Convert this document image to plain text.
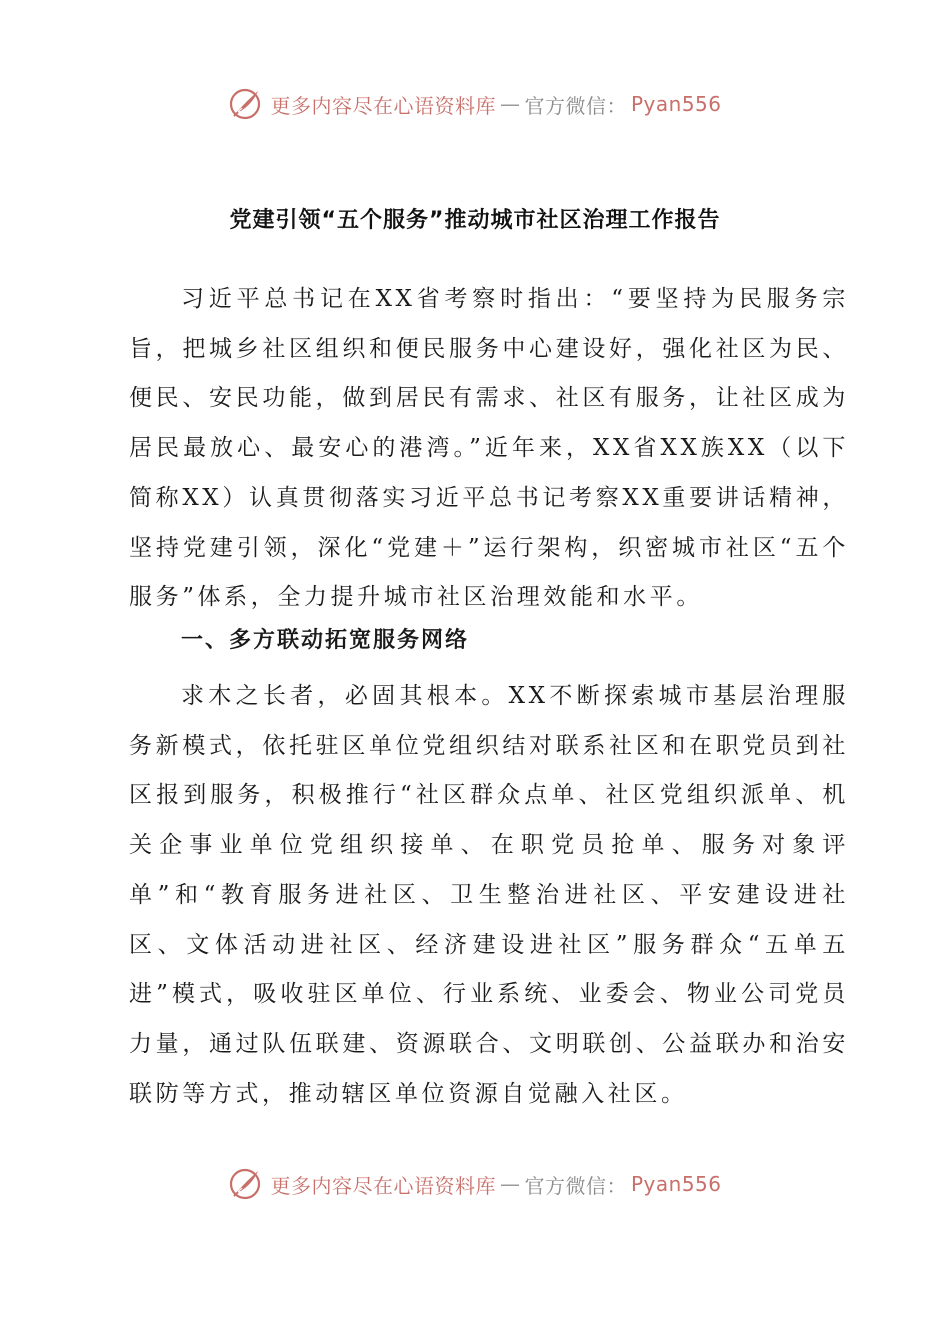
更多内容尽在心语资料库 — 官方微信： Pyan556
党建引领“五个服务”推动城市社区治理工作报告

习近平总书记在XX省考察时指出：“要坚持为民服务宗旨，把城乡社区组织和便民服务中心建设好，强化社区为民、便民、安民功能，做到居民有需求、社区有服务，让社区成为居民最放心、最安心的港湾。”近年来，XX省XX族XX（以下简称XX）认真贯彻落实习近平总书记考察XX重要讲话精神，坚持党建引领，深化“党建＋”运行架构，织密城市社区“五个服务”体系，全力提升城市社区治理效能和水平。

一、多方联动拓宽服务网络

求木之长者，必固其根本。XX不断探索城市基层治理服务新模式，依托驻区单位党组织结对联系社区和在职党员到社区报到服务，积极推行“社区群众点单、社区党组织派单、机关企事业单位党组织接单、在职党员抢单、服务对象评单”和“教育服务进社区、卫生整治进社区、平安建设进社区、文体活动进社区、经济建设进社区”服务群众“五单五进”模式，吸收驻区单位、行业系统、业委会、物业公司党员力量，通过队伍联建、资源联合、文明联创、公益联办和治安联防等方式，推动辖区单位资源自觉融入社区。

更多内容尽在心语资料库 — 官方微信： Pyan556
